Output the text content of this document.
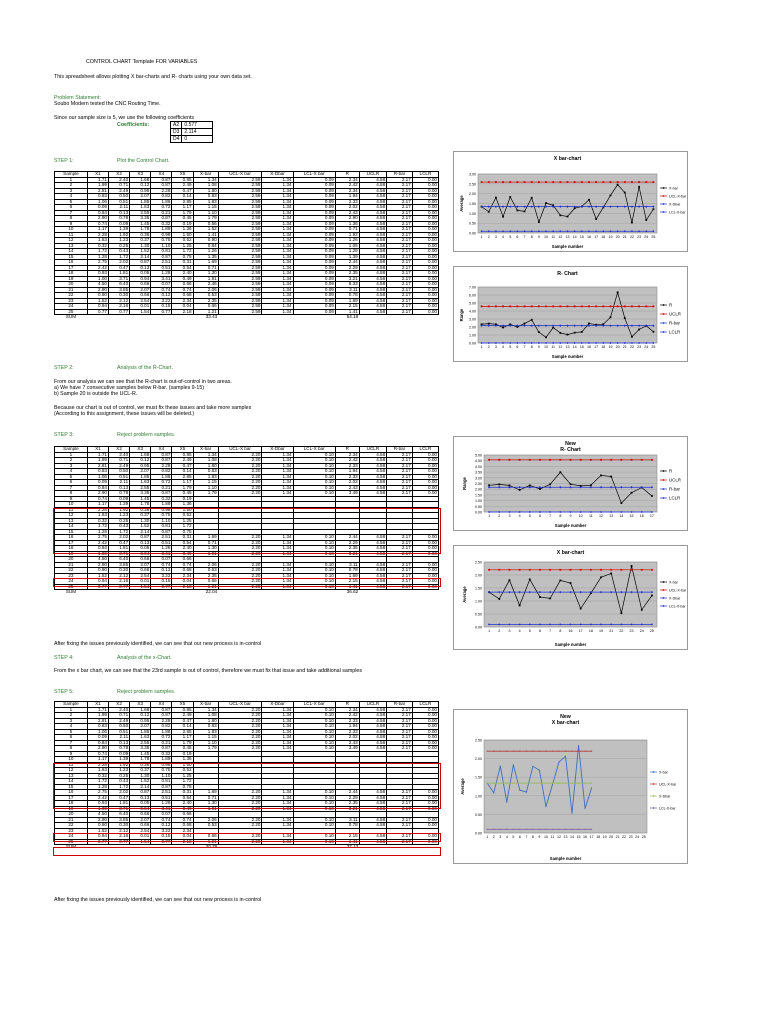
CONTROL CHART Template FOR VARIABLES
This spreadsheet allows plotting X bar-charts and R- charts using your own data set.
Problem Statement:
Soubo Modern tested the CNC Routing Time.
Since our sample size is 5, we use the following coefficients
Coefficients:	A2	0.577
D3	2.114
D4	0
STEP 1:	Plot the Control Chart.
Sample	X1	X2	X3	X4	X5	X-bar	UCL-X bar	X-Dbar	LCL-X bar	R	UCLR	R-bar	LCLR
1	1.71	2.40	1.68	0.87	0.85	1.34	2.59	1.34	0.09	2.34	4.58	2.17	0.00
2	1.99	0.71	0.12	0.87	2.49	1.08	2.59	1.34	0.09	2.42	4.58	2.17	0.00
3	2.81	2.49	0.95	2.28	0.47	1.80	2.59	1.34	0.09	2.34	4.58	2.17	0.00
4	0.83	0.50	2.07	0.82	0.14	0.83	2.59	1.34	0.09	1.94	4.58	2.17	0.00
5	1.06	0.51	1.85	1.86	2.85	1.83	2.59	1.34	0.09	2.33	4.58	2.17	0.00
6	0.09	2.11	1.63	0.72	1.17	1.15	2.59	1.34	0.09	2.02	4.58	2.17	0.00
7	0.84	0.13	2.55	0.21	1.79	1.10	2.59	1.34	0.09	2.43	4.58	2.17	0.00
8	2.90	0.78	3.35	0.87	0.45	1.79	2.59	1.34	0.09	2.90	4.58	2.17	0.00
9	0.74	0.09	1.45	0.32	0.19	0.56	2.59	1.34	0.09	1.36	4.58	2.17	0.00
10	1.17	1.39	1.78	1.89	1.36	1.52	2.59	1.34	0.09	0.71	4.58	2.17	0.00
11	2.28	1.92	0.36	0.98	1.50	1.41	2.59	1.34	0.09	1.92	4.58	2.17	0.00
12	1.63	1.23	0.37	0.75	0.52	0.90	2.59	1.34	0.09	1.26	4.58	2.17	0.00
13	0.32	0.25	1.30	1.10	1.25	0.84	2.59	1.34	0.09	1.05	4.58	2.17	0.00
14	1.72	0.43	1.52	0.81	1.72	1.26	2.59	1.34	0.09	1.29	4.58	2.17	0.00
15	1.28	1.72	2.14	0.87	0.75	1.35	2.59	1.34	0.09	1.39	4.58	2.17	0.00
16	2.75	2.02	0.87	2.51	0.31	1.69	2.59	1.34	0.09	2.44	4.58	2.17	0.00
17	2.42	0.47	0.13	0.51	0.54	0.71	2.59	1.34	0.09	2.29	4.58	2.17	0.00
18	0.93	1.81	0.05	1.28	2.40	1.30	2.59	1.34	0.09	2.35	4.58	2.17	0.00
19	1.00	3.71	0.94	3.41	0.49	1.91	2.59	1.34	0.09	3.21	4.58	2.17	0.00
20	4.50	6.40	0.66	0.07	0.66	2.46	2.59	1.34	0.09	6.33	4.58	2.17	0.00
21	2.90	3.85	2.07	0.74	0.74	2.06	2.59	1.34	0.09	3.11	4.58	2.17	0.00
22	0.90	0.30	0.66	0.12	0.68	0.53	2.59	1.34	0.09	0.78	4.58	2.17	0.00
23	1.52	2.12	2.54	3.22	2.34	2.35	2.59	1.34	0.09	1.69	4.58	2.17	0.00
24	0.94	2.16	0.01	0.15	0.04	0.66	2.59	1.34	0.09	2.15	4.58	2.17	0.00
25	0.77	0.77	1.54	0.77	2.18	1.21	2.59	1.34	0.09	1.41	4.58	2.17	0.00
SUM						33.43				54.18			
STEP 2:	Analysis of the R-Chart.
From our analysis we can see that the R-chart is out-of-control in two areas.
a) We have 7 consecutive samples below R-bar. (samples 9-15)
b) Sample 20 is outside the UCL-R.
Because our chart is out of control, we must fix these issues and take more samples
(According to this assignment, these issues will be deleted.)
STEP 3:	Reject problem samples.
Sample	X1	X2	X3	X4	X5	X-bar	UCL-X bar	X-Dbar	LCL-X bar	R	UCLR	R-bar	LCLR
1	1.71	2.40	1.68	0.87	0.85	1.34	2.20	1.34	0.10	2.34	4.58	2.17	0.00
2	1.99	0.71	0.12	0.87	2.49	1.08	2.20	1.34	0.10	2.42	4.58	2.17	0.00
3	2.81	2.49	0.95	2.28	0.47	1.80	2.20	1.34	0.10	2.33	4.58	2.17	0.00
4	0.83	0.50	2.07	0.82	0.14	0.83	2.20	1.34	0.10	1.94	4.58	2.17	0.00
5	1.06	0.51	1.85	1.86	2.85	1.83	2.20	1.34	0.10	2.33	4.58	2.17	0.00
6	0.09	2.11	1.63	0.72	1.17	1.15	2.20	1.34	0.10	2.02	4.58	2.17	0.00
7	0.84	0.13	2.55	0.21	1.79	1.10	2.20	1.34	0.10	2.43	4.58	2.17	0.00
8	2.90	0.78	3.35	0.87	0.45	1.79	2.20	1.34	0.10	3.49	4.58	2.17	0.00
9	0.74	0.09	1.45	0.32	0.19								
10	1.17	1.39	1.78	1.89	1.36								
11	2.28	1.92	0.36	0.98	1.50								
12	1.63	1.23	0.37	0.75	0.52								
13	0.32	0.25	1.30	1.10	1.25								
14	1.72	0.43	1.52	0.81	1.72								
15	1.28	1.72	2.14	0.87	0.75								
16	2.75	2.02	0.87	2.51	0.31	1.69	2.20	1.34	0.10	2.44	4.58	2.17	0.00
17	2.42	0.47	0.13	0.51	0.54	0.71	2.20	1.34	0.10	2.29	4.58	2.17	0.00
18	0.93	1.81	0.05	1.28	2.40	1.30	2.20	1.34	0.10	2.35	4.58	2.17	0.00
19	1.00	3.71	0.94	3.41	0.49	1.91	2.20	1.34	0.10	3.21	4.58	2.17	0.00
20	4.50	6.40	0.66	0.07	0.66								
21	2.90	3.85	2.07	0.74	0.74	2.06	2.20	1.34	0.10	3.11	4.58	2.17	0.00
22	0.90	0.30	0.66	0.12	0.68	0.53	2.20	1.34	0.10	0.78	4.58	2.17	0.00
23	1.52	2.12	2.54	3.22	2.34	2.35	2.20	1.34	0.10	1.69	4.58	2.17	0.00
24	0.94	2.16	0.01	0.15	0.04	0.66	2.20	1.34	0.10	2.15	4.58	2.17	0.00
25	0.77	0.77	1.54	0.77	2.18	1.21	2.20	1.34	0.10	1.41	4.58	2.17	0.00
SUM						22.04				36.62			
After fixing the issues previously identified, we can see that our new process is in-control
STEP 4:	Analysis of the x-Chart.
From the x bar chart, we can see that the 23rd sample is out of control, therefore we must fix that issue and take additional samples
STEP 5:	Reject problem samples.
Sample	X1	X2	X3	X4	X5	X-bar	UCL-X bar	X-Dbar	LCL-X bar	R	UCLR	R-bar	LCLR
1	1.71	2.40	1.68	0.87	0.85	1.34	2.20	1.34	0.10	2.34	4.58	2.17	0.00
2	1.99	0.71	0.12	0.87	2.49	1.08	2.20	1.34	0.10	2.42	4.58	2.17	0.00
3	2.81	2.49	0.95	2.28	0.47	1.80	2.20	1.34	0.10	2.33	4.58	2.17	0.00
4	0.83	0.50	2.07	0.82	0.14	0.83	2.20	1.34	0.10	1.94	4.58	2.17	0.00
5	1.06	0.51	1.85	1.86	2.85	1.83	2.20	1.34	0.10	2.33	4.58	2.17	0.00
6	0.09	2.11	1.63	0.72	1.17	1.15	2.20	1.34	0.10	2.02	4.58	2.17	0.00
7	0.84	0.13	2.55	0.21	1.79	1.10	2.20	1.34	0.10	2.43	4.58	2.17	0.00
8	2.90	0.78	3.35	0.87	0.45	1.79	2.20	1.34	0.10	3.49	4.58	2.17	0.00
9	0.74	0.09	1.45	0.32	0.19								
10	1.17	1.39	1.78	1.89	1.36								
11	2.28	1.92	0.36	0.98	1.50								
12	1.63	1.23	0.37	0.75	0.52								
13	0.32	0.25	1.30	1.10	1.25								
14	1.72	0.43	1.52	0.81	1.72								
15	1.28	1.72	2.14	0.87	0.75								
16	2.75	2.02	0.87	2.51	0.31	1.69	2.20	1.34	0.10	2.44	4.58	2.17	0.00
17	2.42	0.47	0.13	0.51	0.54	0.71	2.20	1.34	0.10	2.29	4.58	2.17	0.00
18	0.93	1.81	0.05	1.28	2.40	1.30	2.20	1.34	0.10	2.35	4.58	2.17	0.00
19	1.00	3.71	0.94	3.41	0.49	1.91	2.20	1.34	0.10	3.21	4.58	2.17	0.00
20	4.50	6.40	0.66	0.07	0.66								
21	2.90	3.85	2.07	0.74	0.74	2.06	2.20	1.34	0.10	3.11	4.58	2.17	0.00
22	0.90	0.30	0.66	0.12	0.68	0.53	2.20	1.34	0.10	0.78	4.58	2.17	0.00
23	1.52	2.12	2.54	3.22	2.34								
24	0.94	2.16	0.01	0.15	0.04	0.66	2.20	1.34	0.10	2.15	4.58	2.17	0.00
25	0.77	0.77	1.54	0.77	2.18	1.21	2.20	1.34	0.10	1.41	4.58	2.17	0.00
SUM						20.79				37.13			
After fixing the issues previously identified, we can see that our new process is in-control
X bar-chart
0.00
0.50
1.00
1.50
2.00
2.50
3.00
1 2 3 4 5 6 7 8 9 10 11 12 13 14 15 16 17 18 19 20 21 22 23 24 25
Sample number
Average
X-bar
UCL-X-bar
X-Dbar
LCL-X-bar
R- Chart
0.00
1.00
2.00
3.00
4.00
5.00
6.00
7.00
1 2 3 4 5 6 7 8 9 10 11 12 13 14 15 16 17 18 19 20 21 22 23 24 25
Sample number
Range
R
UCLR
R-bar
LCLR
New
R- Chart
0.00
0.50
1.00
1.50
2.00
2.50
3.00
3.50
4.00
4.50
5.00
1 2 3 4 5 6 7 8 9 10 11 12 13 14 15 16 17
Sample number
Range
R
UCLR
R-bar
LCLR
X bar-chart
0.00
0.50
1.00
1.50
2.00
2.50
1 2 3 4 5 6 7 8 16 17 18 19 21 22 23 24 25
Sample number
Average
X-bar
UCL-X-bar
X-Dbar
LCL-X-bar
New
X bar-chart
0.00
0.50
1.00
1.50
2.00
2.50
1 2 3 4 5 6 7 8 9 10 11 12 13 14 15 16 17 18 19 20 21 22 23 24 25
Sample number
Average
X-bar
UCL-X-bar
X-Dbar
LCL-X-bar
